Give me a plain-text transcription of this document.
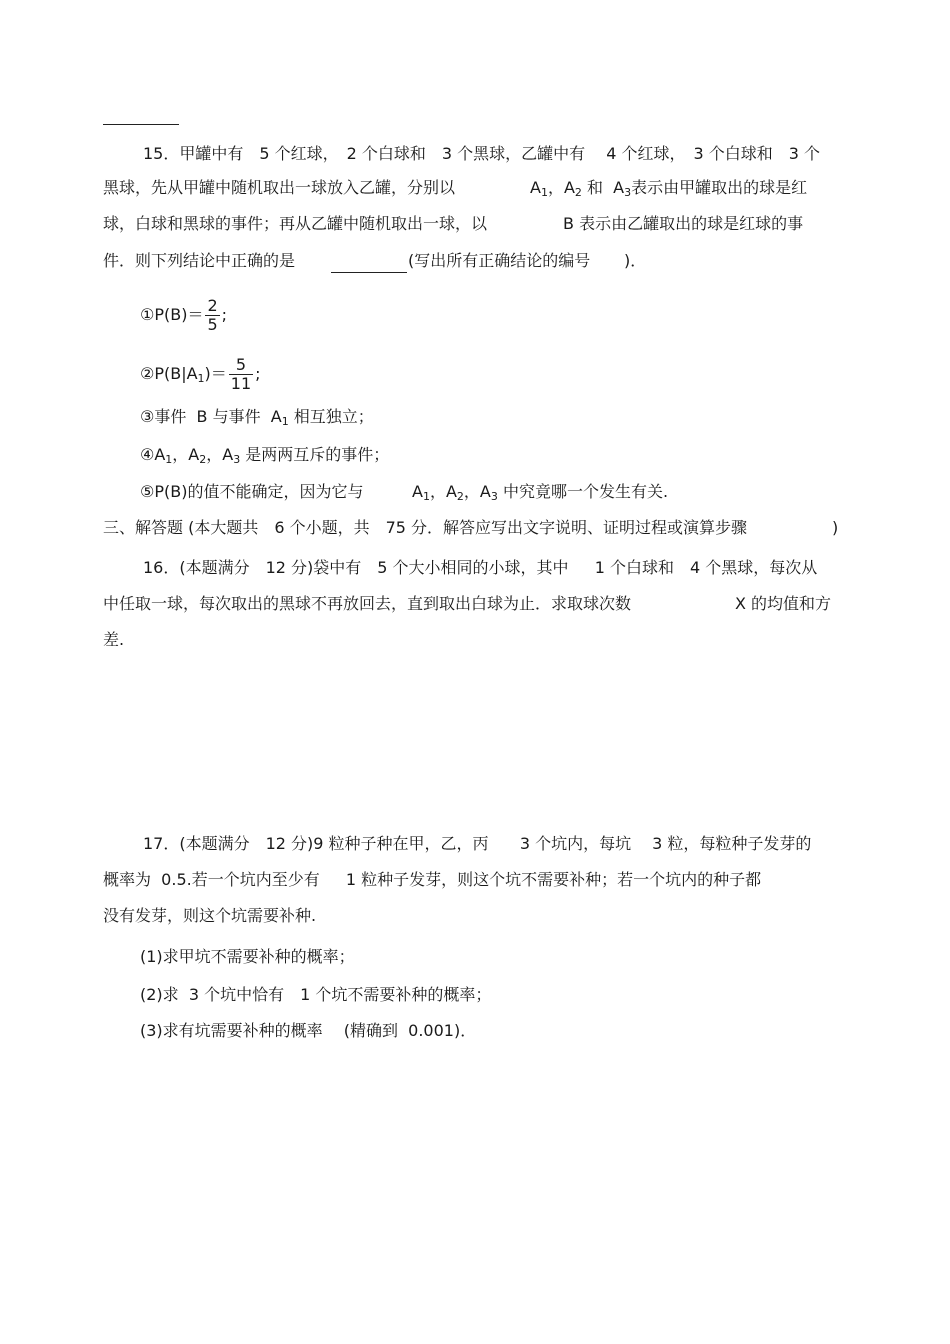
15．甲罐中有　5 个红球，　2 个白球和　3 个黑球，乙罐中有　 4 个红球，　3 个白球和　3 个
黑球，先从甲罐中随机取出一球放入乙罐，分别以	$A_1$，$A_2$ 和  $A_3$表示由甲罐取出的球是红
球，白球和黑球的事件；再从乙罐中随机取出一球，以	B 表示由乙罐取出的球是红球的事
件．则下列结论中正确的是	(写出所有正确结论的编号 )．
①P(B)＝ $\frac{2}{5}$ ;
$②P(B|A_1)= \frac{5}{11}$ ;
③事件  B 与事件  $A_1$ 相互独立；
$④A_1$，$A_2$，$A_3$ 是两两互斥的事件；
⑤P(B)的值不能确定，因为它与	$A_1$，$A_2$，$A_3$ 中究竟哪一个发生有关.
三、解答题 (本大题共　6 个小题，共　75 分．解答应写出文字说明、证明过程或演算步骤	)
16．(本题满分　12 分)袋中有　5 个大小相同的小球，其中　  1 个白球和　4 个黑球，每次从
中任取一球，每次取出的黑球不再放回去，直到取出白球为止．求取球次数	X 的均值和方
差.
17．(本题满分　12 分)9 粒种子种在甲，乙，丙　   3 个坑内，每坑　 3 粒，每粒种子发芽的
概率为  0.5.若一个坑内至少有　  1 粒种子发芽，则这个坑不需要补种；若一个坑内的种子都
没有发芽，则这个坑需要补种.
(1)求甲坑不需要补种的概率；
(2)求  3 个坑中恰有　1 个坑不需要补种的概率；
(3)求有坑需要补种的概率　 (精确到  0.001)．
